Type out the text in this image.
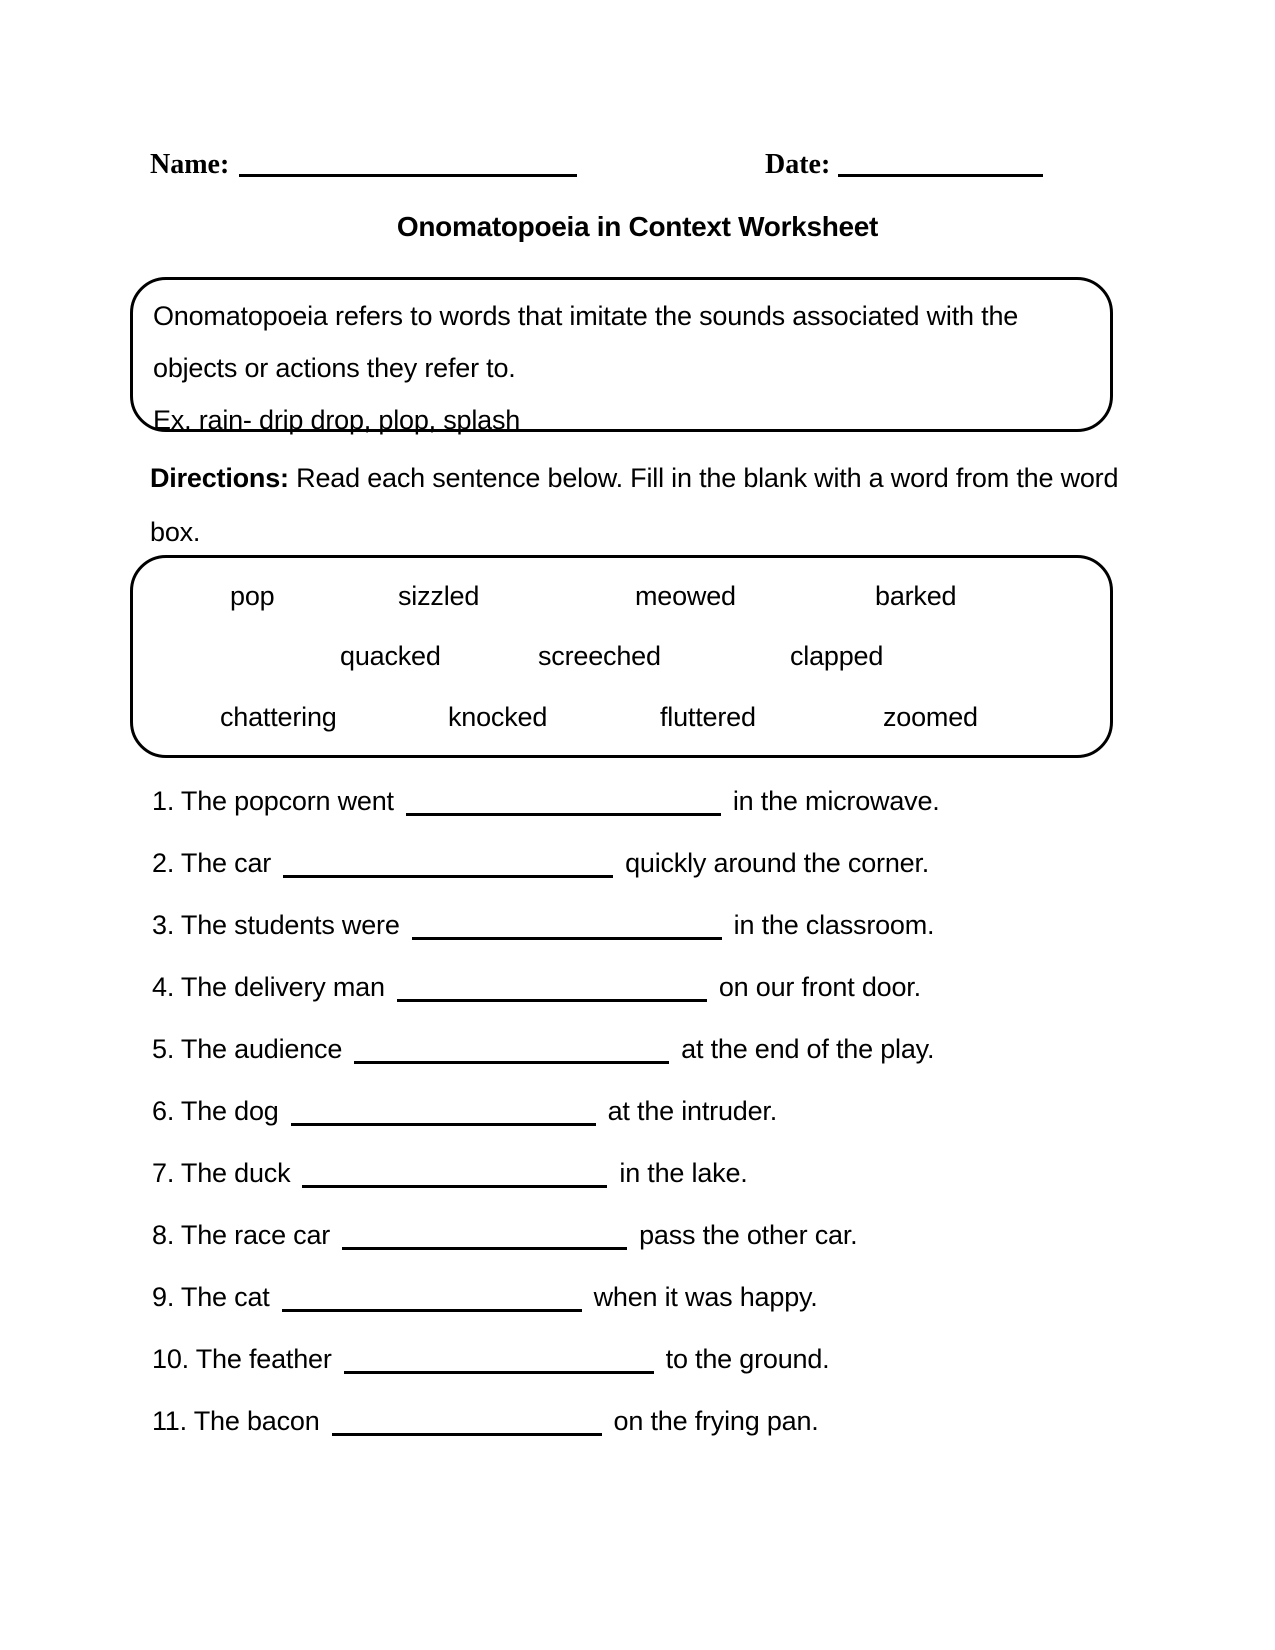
Name:	Date:
Onomatopoeia in Context Worksheet
Onomatopoeia refers to words that imitate the sounds associated with the
objects or actions they refer to.
Ex. rain- drip drop, plop, splash
Directions: Read each sentence below. Fill in the blank with a word from the word
box.
pop	sizzled	meowed	barked
quacked	screeched	clapped
chattering	knocked	fluttered	zoomed
1. The popcorn went	in the microwave.
2. The car	quickly around the corner.
3. The students were	in the classroom.
4. The delivery man	on our front door.
5. The audience	at the end of the play.
6. The dog	at the intruder.
7. The duck	in the lake.
8. The race car	pass the other car.
9. The cat	when it was happy.
10. The feather	to the ground.
11. The bacon	on the frying pan.
